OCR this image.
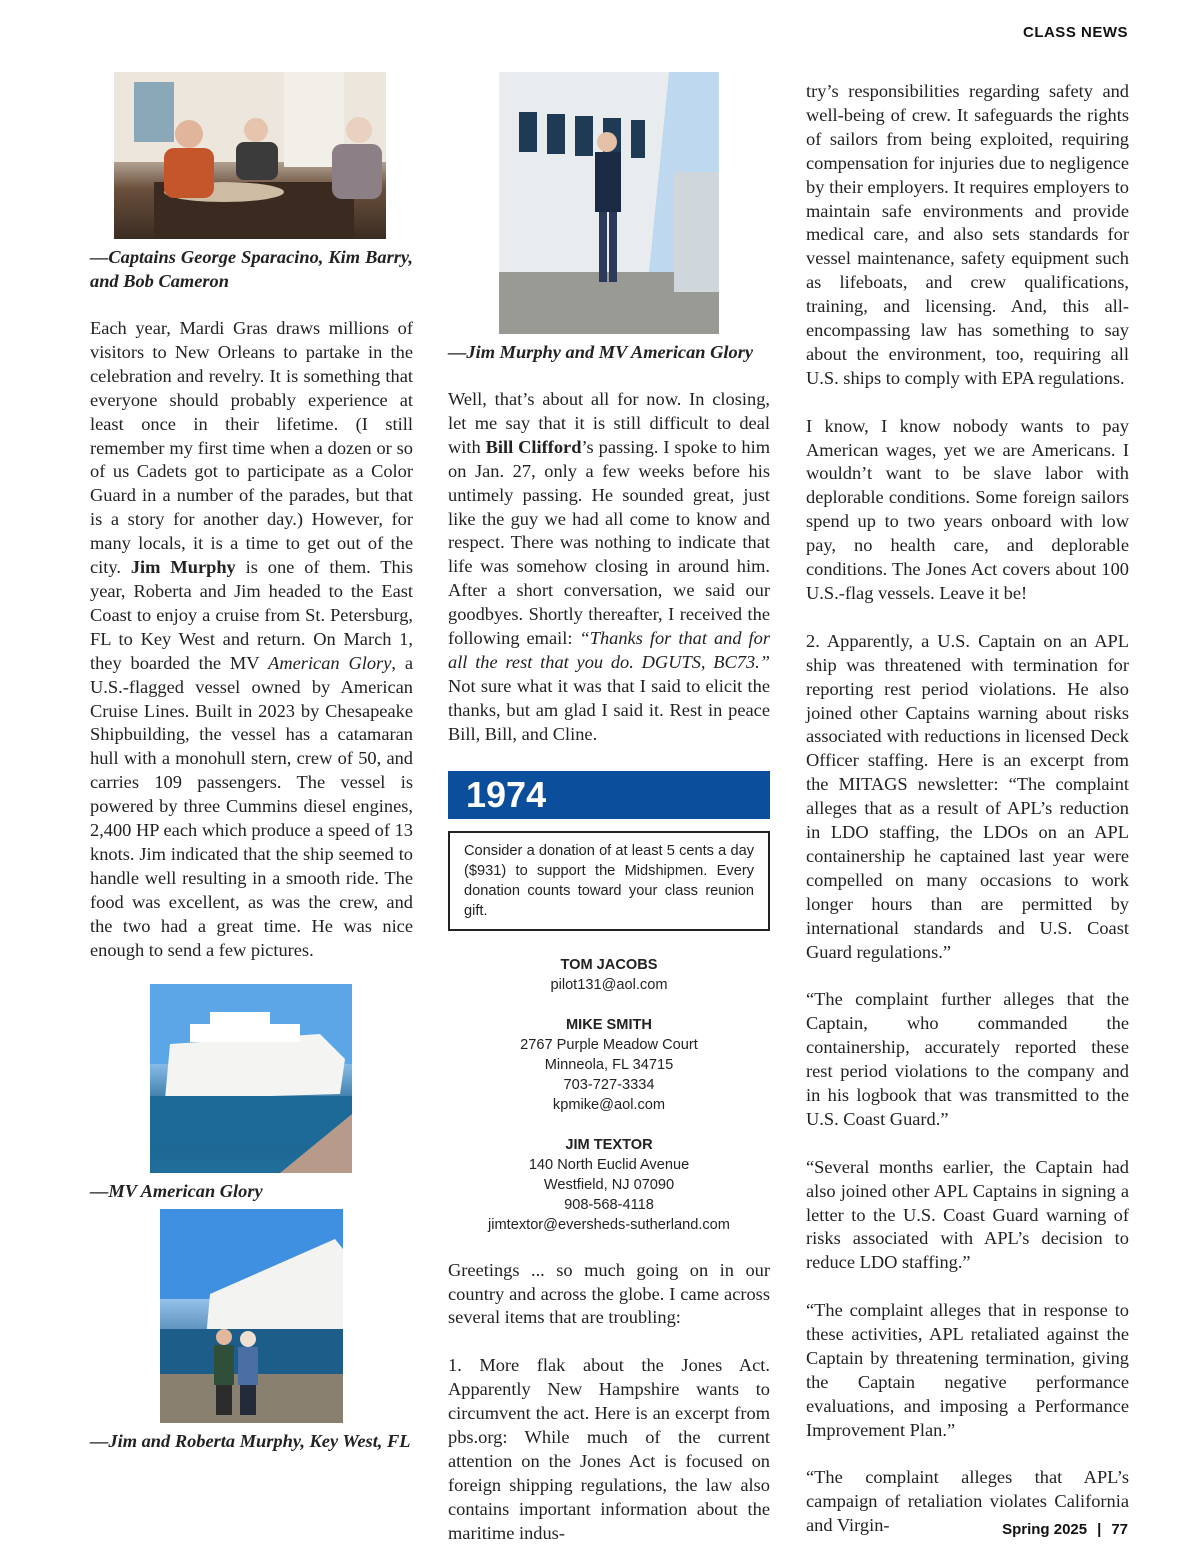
CLASS NEWS

—Captains George Sparacino, Kim Barry, and Bob Cameron

Each year, Mardi Gras draws millions of visitors to New Orleans to partake in the celebration and revelry. It is something that everyone should probably experience at least once in their lifetime. (I still remember my first time when a dozen or so of us Cadets got to participate as a Color Guard in a number of the parades, but that is a story for another day.) However, for many locals, it is a time to get out of the city. Jim Murphy is one of them. This year, Roberta and Jim headed to the East Coast to enjoy a cruise from St. Petersburg, FL to Key West and return. On March 1, they boarded the MV American Glory, a U.S.-flagged vessel owned by American Cruise Lines. Built in 2023 by Chesapeake Shipbuilding, the vessel has a catamaran hull with a monohull stern, crew of 50, and carries 109 passengers. The vessel is powered by three Cummins diesel engines, 2,400 HP each which produce a speed of 13 knots. Jim indicated that the ship seemed to handle well resulting in a smooth ride. The food was excellent, as was the crew, and the two had a great time. He was nice enough to send a few pictures.

—MV American Glory

—Jim and Roberta Murphy, Key West, FL

—Jim Murphy and MV American Glory

Well, that’s about all for now. In closing, let me say that it is still difficult to deal with Bill Clifford’s passing. I spoke to him on Jan. 27, only a few weeks before his untimely passing. He sounded great, just like the guy we had all come to know and respect. There was nothing to indicate that life was somehow closing in around him. After a short conversation, we said our goodbyes. Shortly thereafter, I received the following email: “Thanks for that and for all the rest that you do. DGUTS, BC73.” Not sure what it was that I said to elicit the thanks, but am glad I said it. Rest in peace Bill, Bill, and Cline.

1974
Consider a donation of at least 5 cents a day ($931) to support the Midshipmen. Every donation counts toward your class reunion gift.
TOM JACOBS
pilot131@aol.com
MIKE SMITH
2767 Purple Meadow Court
Minneola, FL 34715
703-727-3334
kpmike@aol.com
JIM TEXTOR
140 North Euclid Avenue
Westfield, NJ 07090
908-568-4118
jimtextor@eversheds-sutherland.com

Greetings ... so much going on in our country and across the globe. I came across several items that are troubling:

1. More flak about the Jones Act. Apparently New Hampshire wants to circumvent the act. Here is an excerpt from pbs.org: While much of the current attention on the Jones Act is focused on foreign shipping regulations, the law also contains important information about the maritime indus-

try’s responsibilities regarding safety and well-being of crew. It safeguards the rights of sailors from being exploited, requiring compensation for injuries due to negligence by their employers. It requires employers to maintain safe environments and provide medical care, and also sets standards for vessel maintenance, safety equipment such as lifeboats, and crew qualifications, training, and licensing. And, this all-encompassing law has something to say about the environment, too, requiring all U.S. ships to comply with EPA regulations.

I know, I know nobody wants to pay American wages, yet we are Americans. I wouldn’t want to be slave labor with deplorable conditions. Some foreign sailors spend up to two years onboard with low pay, no health care, and deplorable conditions. The Jones Act covers about 100 U.S.-flag vessels. Leave it be!

2. Apparently, a U.S. Captain on an APL ship was threatened with termination for reporting rest period violations. He also joined other Captains warning about risks associated with reductions in licensed Deck Officer staffing. Here is an excerpt from the MITAGS newsletter: “The complaint alleges that as a result of APL’s reduction in LDO staffing, the LDOs on an APL containership he captained last year were compelled on many occasions to work longer hours than are permitted by international standards and U.S. Coast Guard regulations.”

“The complaint further alleges that the Captain, who commanded the containership, accurately reported these rest period violations to the company and in his logbook that was transmitted to the U.S. Coast Guard.”

“Several months earlier, the Captain had also joined other APL Captains in signing a letter to the U.S. Coast Guard warning of risks associated with APL’s decision to reduce LDO staffing.”

“The complaint alleges that in response to these activities, APL retaliated against the Captain by threatening termination, giving the Captain negative performance evaluations, and imposing a Performance Improvement Plan.”

“The complaint alleges that APL’s campaign of retaliation violates California and Virgin-	Spring 2025 | 77
